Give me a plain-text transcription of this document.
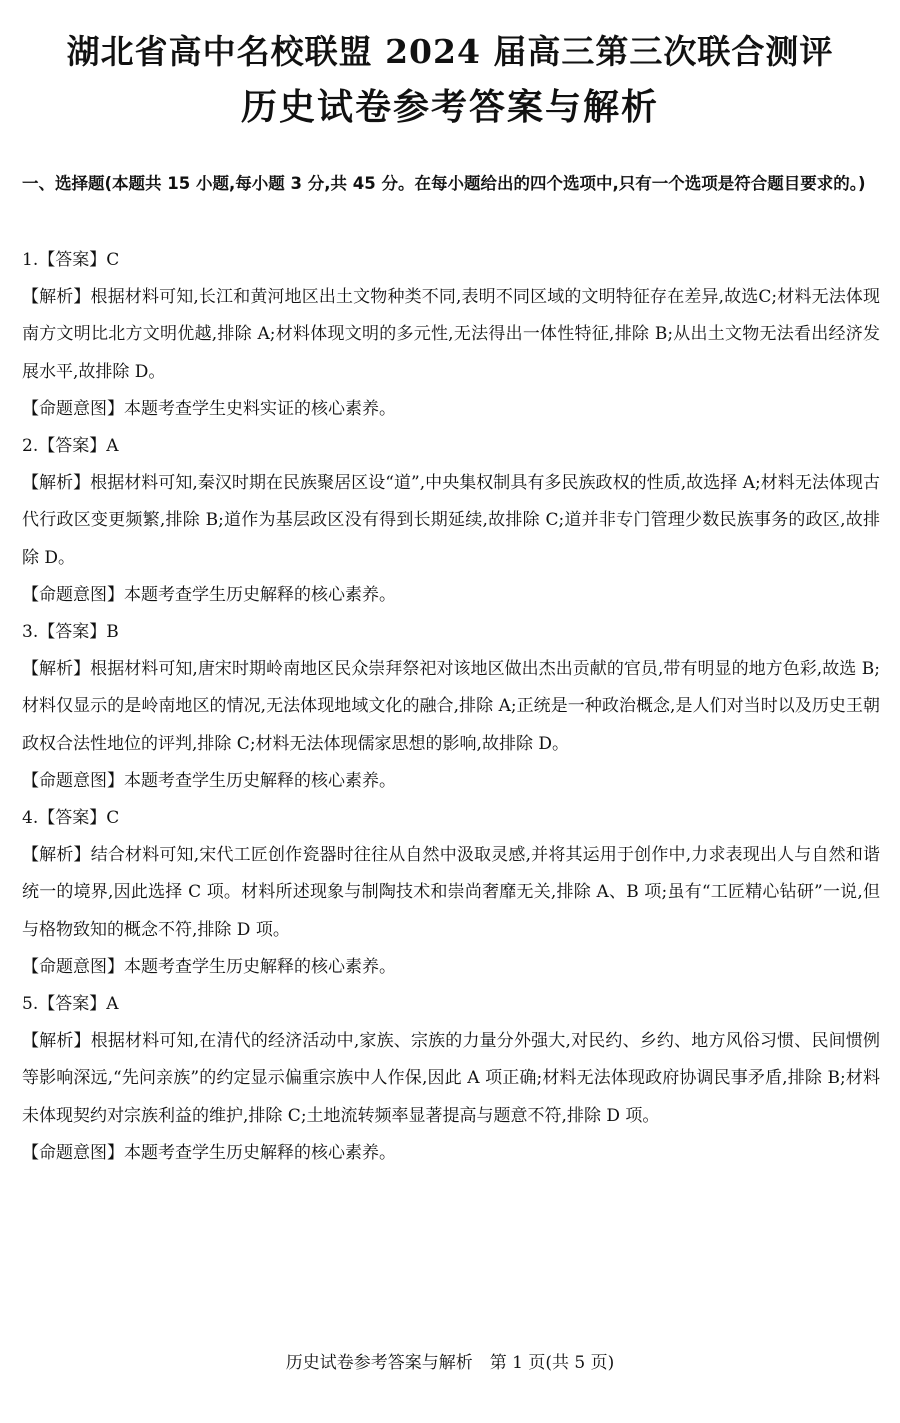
湖北省高中名校联盟 2024 届高三第三次联合测评
历史试卷参考答案与解析
一、选择题(本题共 15 小题,每小题 3 分,共 45 分。在每小题给出的四个选项中,只有一个选项是符合题目要求的。)

1.【答案】C

【解析】根据材料可知,长江和黄河地区出土文物种类不同,表明不同区域的文明特征存在差异,故选C;材料无法体现南方文明比北方文明优越,排除 A;材料体现文明的多元性,无法得出一体性特征,排除 B;从出土文物无法看出经济发展水平,故排除 D。

【命题意图】本题考查学生史料实证的核心素养。

2.【答案】A

【解析】根据材料可知,秦汉时期在民族聚居区设“道”,中央集权制具有多民族政权的性质,故选择 A;材料无法体现古代行政区变更频繁,排除 B;道作为基层政区没有得到长期延续,故排除 C;道并非专门管理少数民族事务的政区,故排除 D。

【命题意图】本题考查学生历史解释的核心素养。

3.【答案】B

【解析】根据材料可知,唐宋时期岭南地区民众崇拜祭祀对该地区做出杰出贡献的官员,带有明显的地方色彩,故选 B;材料仅显示的是岭南地区的情况,无法体现地域文化的融合,排除 A;正统是一种政治概念,是人们对当时以及历史王朝政权合法性地位的评判,排除 C;材料无法体现儒家思想的影响,故排除 D。

【命题意图】本题考查学生历史解释的核心素养。

4.【答案】C

【解析】结合材料可知,宋代工匠创作瓷器时往往从自然中汲取灵感,并将其运用于创作中,力求表现出人与自然和谐统一的境界,因此选择 C 项。材料所述现象与制陶技术和崇尚奢靡无关,排除 A、B 项;虽有“工匠精心钻研”一说,但与格物致知的概念不符,排除 D 项。

【命题意图】本题考查学生历史解释的核心素养。

5.【答案】A

【解析】根据材料可知,在清代的经济活动中,家族、宗族的力量分外强大,对民约、乡约、地方风俗习惯、民间惯例等影响深远,“先问亲族”的约定显示偏重宗族中人作保,因此 A 项正确;材料无法体现政府协调民事矛盾,排除 B;材料未体现契约对宗族利益的维护,排除 C;土地流转频率显著提高与题意不符,排除 D 项。

【命题意图】本题考查学生历史解释的核心素养。

历史试卷参考答案与解析　第 1 页(共 5 页)
